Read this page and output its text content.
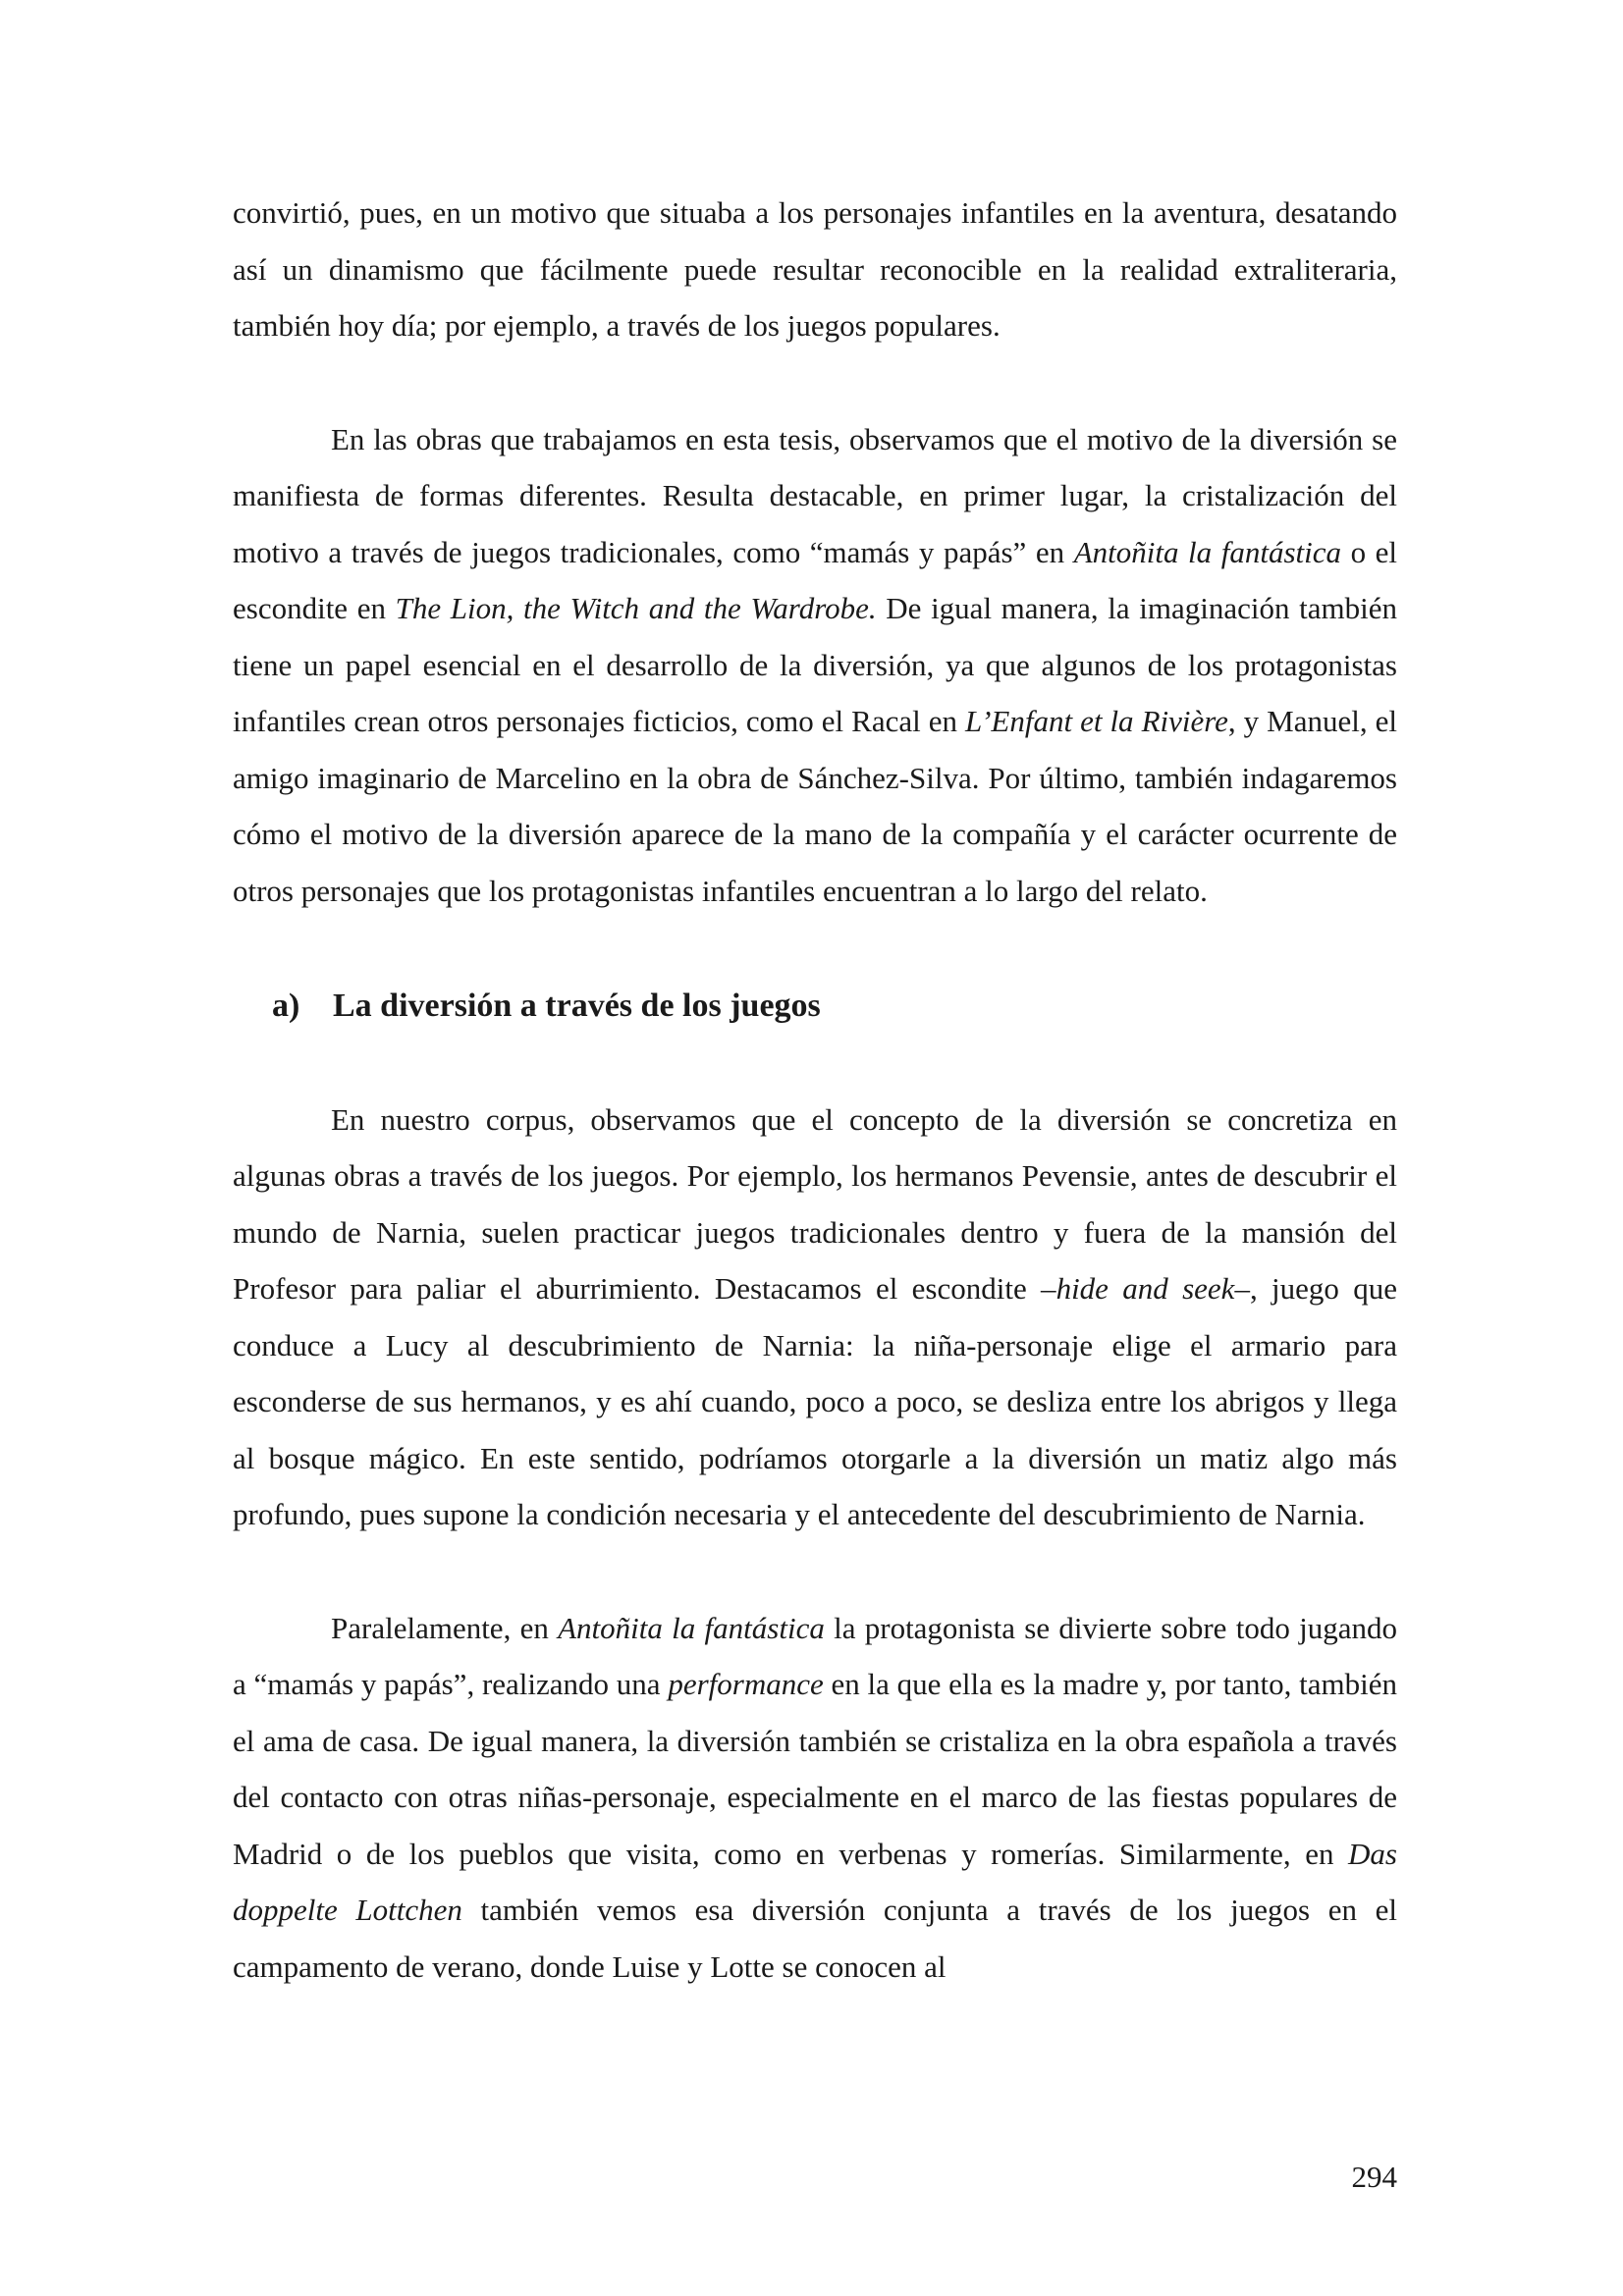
convirtió, pues, en un motivo que situaba a los personajes infantiles en la aventura, desatando así un dinamismo que fácilmente puede resultar reconocible en la realidad extraliteraria, también hoy día; por ejemplo, a través de los juegos populares.

En las obras que trabajamos en esta tesis, observamos que el motivo de la diversión se manifiesta de formas diferentes. Resulta destacable, en primer lugar, la cristalización del motivo a través de juegos tradicionales, como “mamás y papás” en Antoñita la fantástica o el escondite en The Lion, the Witch and the Wardrobe. De igual manera, la imaginación también tiene un papel esencial en el desarrollo de la diversión, ya que algunos de los protagonistas infantiles crean otros personajes ficticios, como el Racal en L’Enfant et la Rivière, y Manuel, el amigo imaginario de Marcelino en la obra de Sánchez-Silva. Por último, también indagaremos cómo el motivo de la diversión aparece de la mano de la compañía y el carácter ocurrente de otros personajes que los protagonistas infantiles encuentran a lo largo del relato.

a) La diversión a través de los juegos

En nuestro corpus, observamos que el concepto de la diversión se concretiza en algunas obras a través de los juegos. Por ejemplo, los hermanos Pevensie, antes de descubrir el mundo de Narnia, suelen practicar juegos tradicionales dentro y fuera de la mansión del Profesor para paliar el aburrimiento. Destacamos el escondite –hide and seek–, juego que conduce a Lucy al descubrimiento de Narnia: la niña-personaje elige el armario para esconderse de sus hermanos, y es ahí cuando, poco a poco, se desliza entre los abrigos y llega al bosque mágico. En este sentido, podríamos otorgarle a la diversión un matiz algo más profundo, pues supone la condición necesaria y el antecedente del descubrimiento de Narnia.

Paralelamente, en Antoñita la fantástica la protagonista se divierte sobre todo jugando a “mamás y papás”, realizando una performance en la que ella es la madre y, por tanto, también el ama de casa. De igual manera, la diversión también se cristaliza en la obra española a través del contacto con otras niñas-personaje, especialmente en el marco de las fiestas populares de Madrid o de los pueblos que visita, como en verbenas y romerías. Similarmente, en Das doppelte Lottchen también vemos esa diversión conjunta a través de los juegos en el campamento de verano, donde Luise y Lotte se conocen al

294
